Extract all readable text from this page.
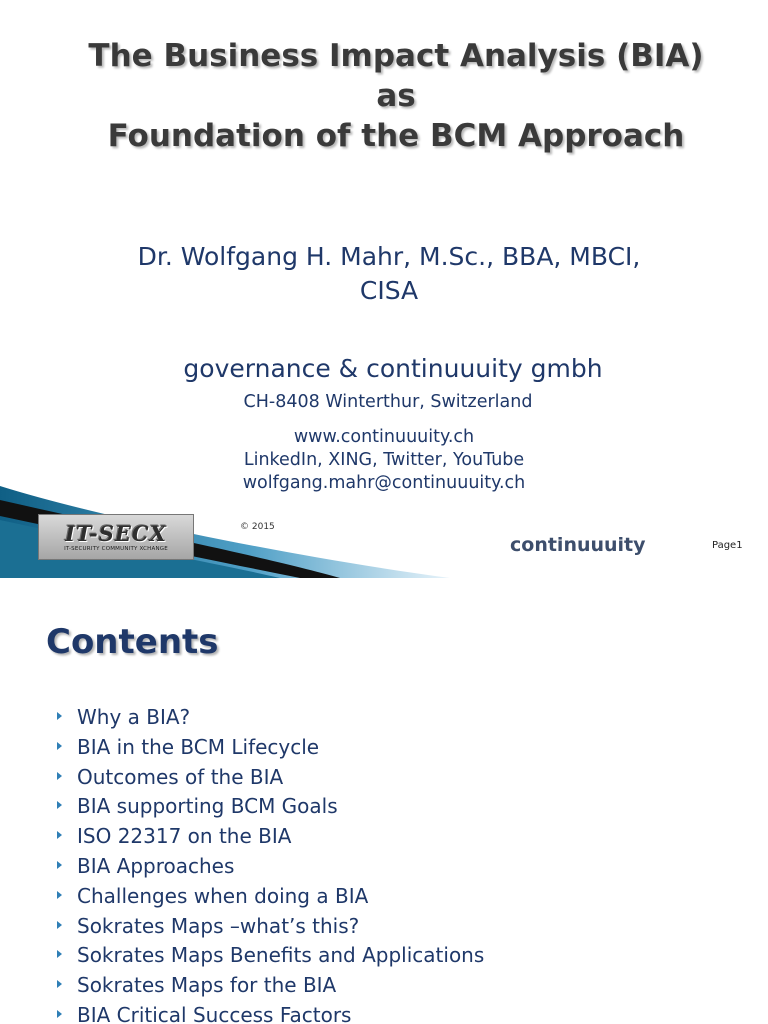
The Business Impact Analysis (BIA)
as
Foundation of the BCM Approach
Dr. Wolfgang H. Mahr, M.Sc., BBA, MBCI,
CISA
governance & continuuuity gmbh
CH-8408 Winterthur, Switzerland
www.continuuuity.ch
LinkedIn, XING, Twitter, YouTube
wolfgang.mahr@continuuuity.ch
IT-SECX
IT-SECURITY COMMUNITY XCHANGE
© 2015
continuuuity	Page1
Contents
Why a BIA?
BIA in the BCM Lifecycle
Outcomes of the BIA
BIA supporting BCM Goals
ISO 22317 on the BIA
BIA Approaches
Challenges when doing a BIA
Sokrates Maps –what’s this?
Sokrates Maps Benefits and Applications
Sokrates Maps for the BIA
BIA Critical Success Factors
